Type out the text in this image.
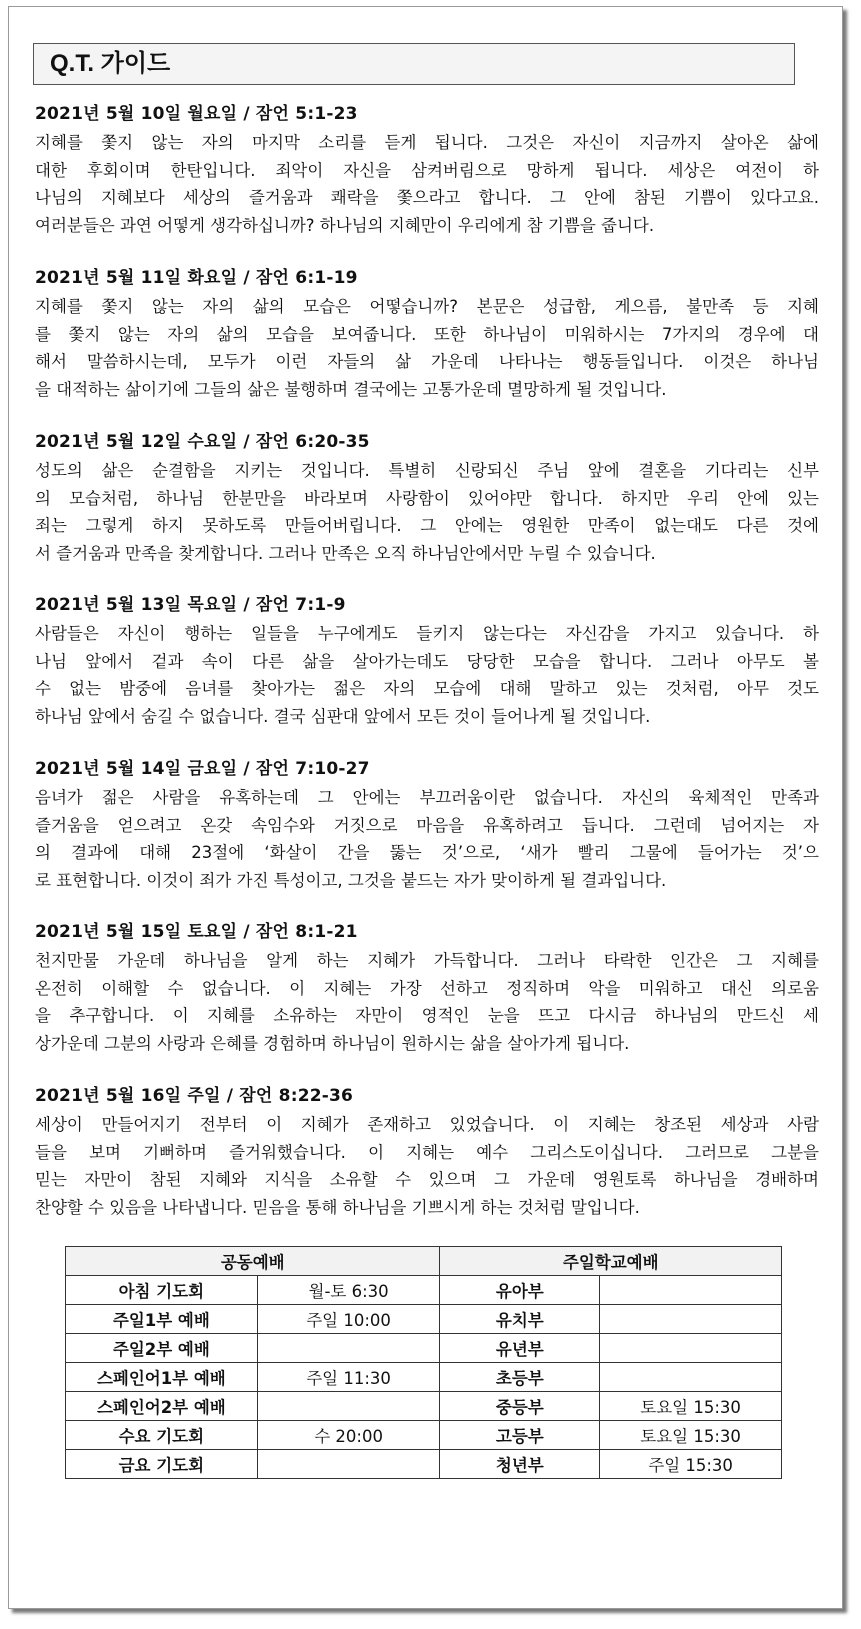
Q.T. 가이드
2021년 5월 10일 월요일 / 잠언 5:1-23

지혜를 쫓지 않는 자의 마지막 소리를 듣게 됩니다. 그것은 자신이 지금까지 살아온 삶에
대한 후회이며 한탄입니다. 죄악이 자신을 삼켜버림으로 망하게 됩니다. 세상은 여전이 하
나님의 지혜보다 세상의 즐거움과 쾌락을 쫓으라고 합니다. 그 안에 참된 기쁨이 있다고요.
여러분들은 과연 어떻게 생각하십니까? 하나님의 지혜만이 우리에게 참 기쁨을 줍니다.

2021년 5월 11일 화요일 / 잠언 6:1-19

지혜를 쫓지 않는 자의 삶의 모습은 어떻습니까? 본문은 성급함, 게으름, 불만족 등 지혜
를 쫓지 않는 자의 삶의 모습을 보여줍니다. 또한 하나님이 미워하시는 7가지의 경우에 대
해서 말씀하시는데, 모두가 이런 자들의 삶 가운데 나타나는 행동들입니다. 이것은 하나님
을 대적하는 삶이기에 그들의 삶은 불행하며 결국에는 고통가운데 멸망하게 될 것입니다.

2021년 5월 12일 수요일 / 잠언 6:20-35

성도의 삶은 순결함을 지키는 것입니다. 특별히 신랑되신 주님 앞에 결혼을 기다리는 신부
의 모습처럼, 하나님 한분만을 바라보며 사랑함이 있어야만 합니다. 하지만 우리 안에 있는
죄는 그렇게 하지 못하도록 만들어버립니다. 그 안에는 영원한 만족이 없는대도 다른 것에
서 즐거움과 만족을 찾게합니다. 그러나 만족은 오직 하나님안에서만 누릴 수 있습니다.

2021년 5월 13일 목요일 / 잠언 7:1-9

사람들은 자신이 행하는 일들을 누구에게도 들키지 않는다는 자신감을 가지고 있습니다. 하
나님 앞에서 겉과 속이 다른 삶을 살아가는데도 당당한 모습을 합니다. 그러나 아무도 볼
수 없는 밤중에 음녀를 찾아가는 젊은 자의 모습에 대해 말하고 있는 것처럼, 아무 것도
하나님 앞에서 숨길 수 없습니다. 결국 심판대 앞에서 모든 것이 들어나게 될 것입니다.

2021년 5월 14일 금요일 / 잠언 7:10-27

음녀가 젊은 사람을 유혹하는데 그 안에는 부끄러움이란 없습니다. 자신의 육체적인 만족과
즐거움을 얻으려고 온갖 속임수와 거짓으로 마음을 유혹하려고 듭니다. 그런데 넘어지는 자
의 결과에 대해 23절에 ‘화살이 간을 뚫는 것’으로, ‘새가 빨리 그물에 들어가는 것’으
로 표현합니다. 이것이 죄가 가진 특성이고, 그것을 붙드는 자가 맞이하게 될 결과입니다.

2021년 5월 15일 토요일 / 잠언 8:1-21

천지만물 가운데 하나님을 알게 하는 지혜가 가득합니다. 그러나 타락한 인간은 그 지혜를
온전히 이해할 수 없습니다. 이 지혜는 가장 선하고 정직하며 악을 미워하고 대신 의로움
을 추구합니다. 이 지혜를 소유하는 자만이 영적인 눈을 뜨고 다시금 하나님의 만드신 세
상가운데 그분의 사랑과 은혜를 경험하며 하나님이 원하시는 삶을 살아가게 됩니다.

2021년 5월 16일 주일 / 잠언 8:22-36

세상이 만들어지기 전부터 이 지혜가 존재하고 있었습니다. 이 지혜는 창조된 세상과 사람
들을 보며 기뻐하며 즐거워했습니다. 이 지혜는 예수 그리스도이십니다. 그러므로 그분을
믿는 자만이 참된 지혜와 지식을 소유할 수 있으며 그 가운데 영원토록 하나님을 경배하며
찬양할 수 있음을 나타냅니다. 믿음을 통해 하나님을 기쁘시게 하는 것처럼 말입니다.

공동예배		주일학교예배	
아침 기도회	월-토 6:30	유아부	
주일1부 예배	주일 10:00	유치부	
주일2부 예배		유년부	
스페인어1부 예배	주일 11:30	초등부	
스페인어2부 예배		중등부	토요일 15:30
수요 기도회	수 20:00	고등부	토요일 15:30
금요 기도회		청년부	주일 15:30
